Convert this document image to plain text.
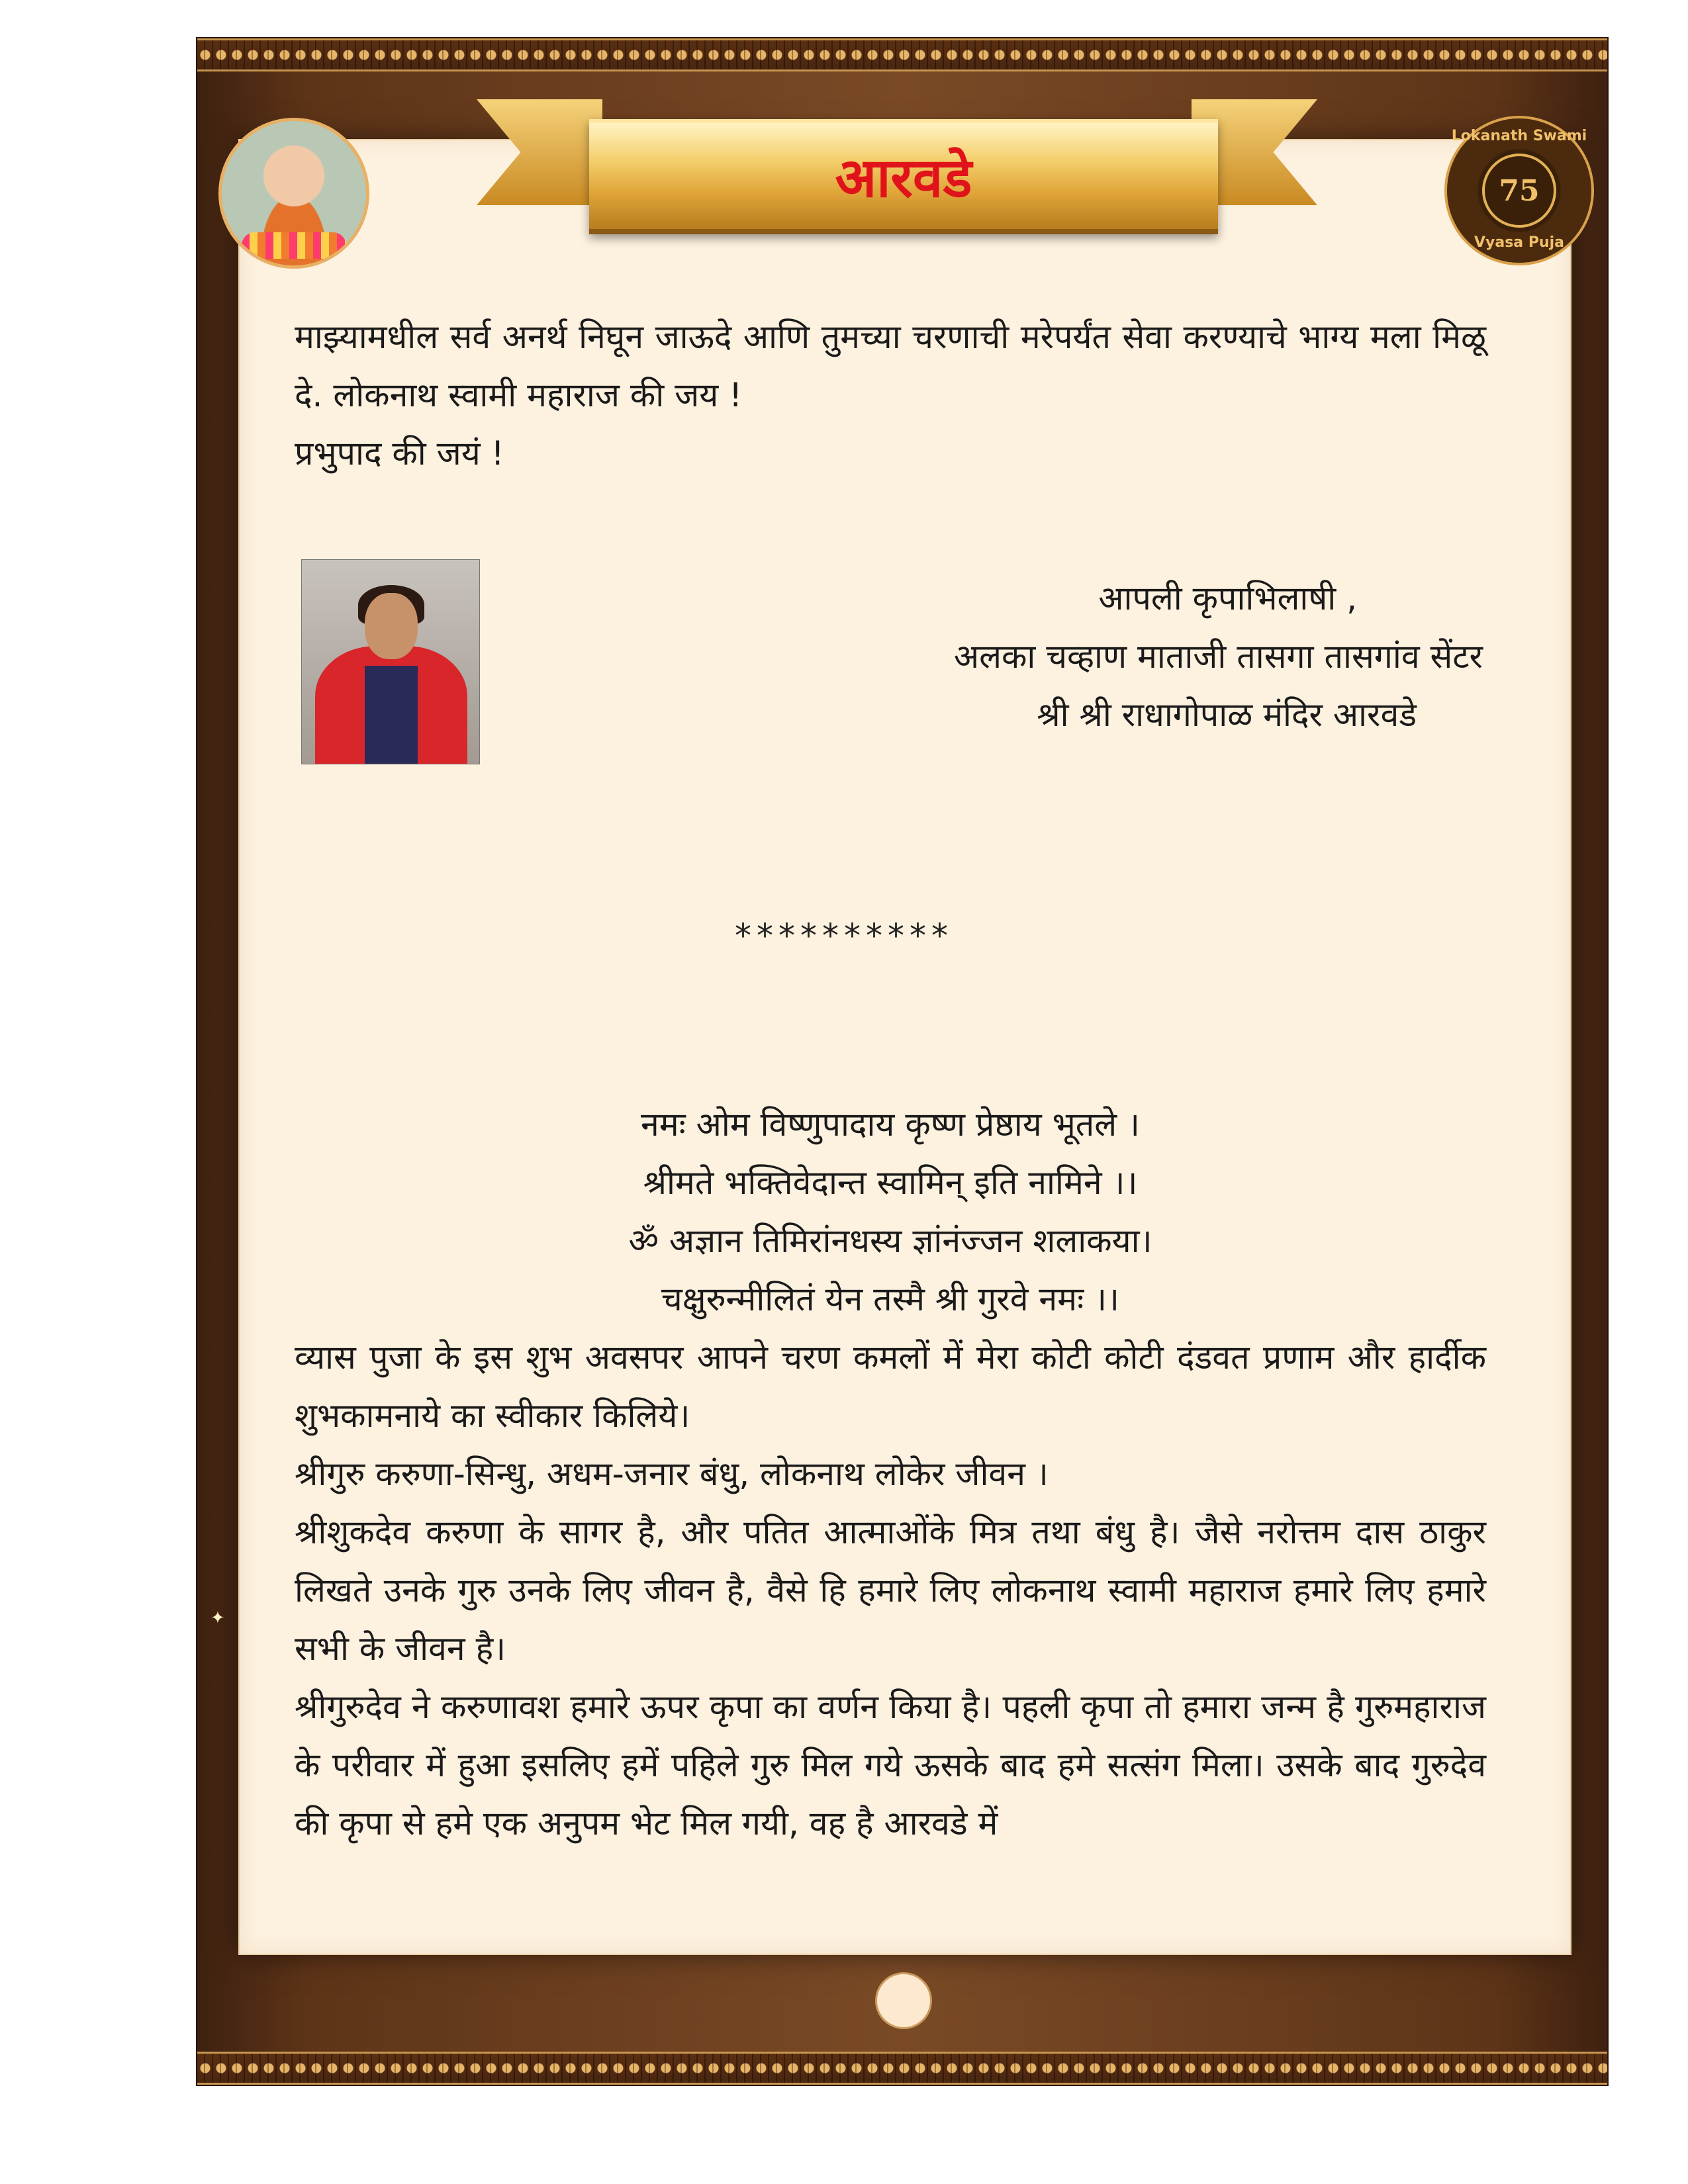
आरवडे
Lokanath Swami
75
Vyasa Puja
माझ्यामधील सर्व अनर्थ निघून जाऊदे आणि तुमच्या चरणाची मरेपर्यंत सेवा करण्याचे भाग्य मला मिळू दे. लोकनाथ स्वामी महाराज की जय !
प्रभुपाद की जयं !
आपली कृपाभिलाषी ,
अलका चव्हाण माताजी तासगा तासगांव सेंटर
श्री श्री राधागोपाळ मंदिर आरवडे
**********
नमः ओम विष्णुपादाय कृष्ण प्रेष्ठाय भूतले ।
श्रीमते भक्तिवेदान्त स्वामिन् इति नामिने ।।
ॐ अज्ञान तिमिरांनधस्य ज्ञांनंज्जन शलाकया।
चक्षुरुन्मीलितं येन तस्मै श्री गुरवे नमः ।।
व्यास पुजा के इस शुभ अवसपर आपने चरण कमलों में मेरा कोटी कोटी दंडवत प्रणाम और हार्दीक शुभकामनाये का स्वीकार किलिये।
श्रीगुरु करुणा-सिन्धु, अधम-जनार बंधु, लोकनाथ लोकेर जीवन ।
श्रीशुकदेव करुणा के सागर है, और पतित आत्माओंके मित्र तथा बंधु है। जैसे नरोत्तम दास ठाकुर लिखते उनके गुरु उनके लिए जीवन है, वैसे हि हमारे लिए लोकनाथ स्वामी महाराज हमारे लिए हमारे सभी के जीवन है।
श्रीगुरुदेव ने करुणावश हमारे ऊपर कृपा का वर्णन किया है। पहली कृपा तो हमारा जन्म है गुरुमहाराज के परीवार में हुआ इसलिए हमें पहिले गुरु मिल गये ऊसके बाद हमे सत्संग मिला। उसके बाद गुरुदेव की कृपा से हमे एक अनुपम भेट मिल गयी, वह है आरवडे में
✦
